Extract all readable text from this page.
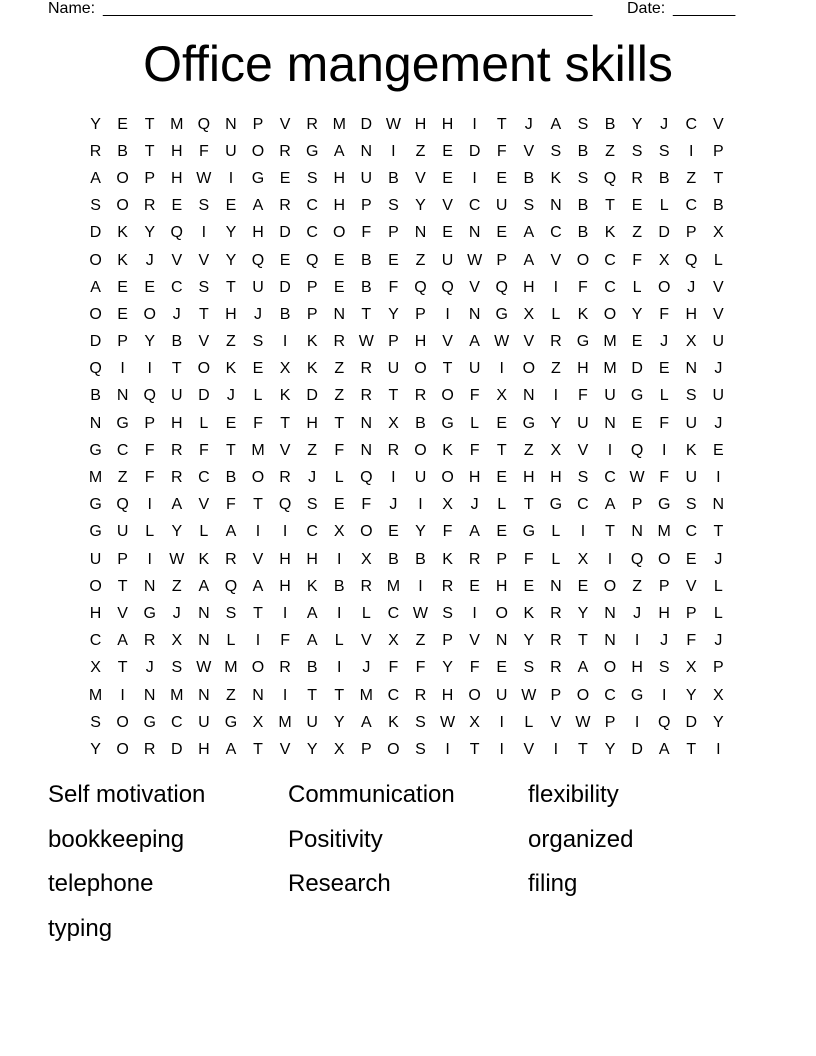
Name: _______________________________________________________ Date: _______
Office mangement skills
Y	E	T M Q N P	V R M D W H H	I	T	J	A	S	B	Y	J	C V
R B	T	H	F	U O R G A N	I	Z	E D	F	V	S	B	Z	S	S	I	P
A O P H W	I	G E	S H U B	V	E	I	E	B	K	S Q R B	Z	T
S O R E	S	E	A R C H P	S	Y	V C U S N B	T	E	L	C B
D K	Y Q	I	Y H D C O F	P N E N E	A C B	K	Z	D P	X
O K	J	V	V	Y Q E Q E	B	E	Z	U W P	A	V O C	F	X Q	L
A	E	E C S	T	U D P	E	B	F Q Q V Q H	I	F	C	L	O	J	V
O E O	J	T	H	J	B	P N	T	Y	P	I	N G X	L	K O Y	F	H V
D P	Y	B	V	Z	S	I	K R W P H V	A W V R G M E	J	X U
Q	I	I	T O K	E	X	K	Z	R U O T	U	I	O Z	H M D E N	J
B N Q U D	J	L	K D	Z	R	T	R O F	X N	I	F	U G	L	S U
N G P H	L	E	F	T	H	T	N X	B G	L	E G Y U N E	F	U	J
G C	F	R	F	T M V	Z	F	N R O K	F	T	Z	X	V	I	Q	I	K	E
M Z	F	R C B O R	J	L	Q	I	U O H E H H S C W F	U	I
G Q	I	A	V	F	T Q S	E	F	J	I	X	J	L	T G C A	P G S N
G U	L	Y	L	A	I	I	C X O E	Y	F	A	E G	L	I	T	N M C	T
U P	I	W K R V H H	I	X	B	B	K R P	F	L	X	I	Q O E	J
O T	N	Z	A Q A H K	B R M	I	R E H E N E O Z	P	V	L
H V G	J	N S	T	I	A	I	L	C W S	I	O K R Y N	J	H P	L
C A R X N	L	I	F	A	L	V	X	Z	P	V N Y R	T	N	I	J	F	J
X	T	J	S W M O R B	I	J	F	F	Y	F	E	S R A O H S	X	P
M	I	N M N	Z	N	I	T	T M C R H O U W P O C G	I	Y	X
S O G C U G X M U Y	A	K	S W X	I	L	V W P	I	Q D Y
Y O R D H A	T	V	Y	X	P O S	I	T	I	V	I	T	Y D A	T	I
Self motivation	Communication	flexibility
bookkeeping	Positivity	organized
telephone	Research	filing
typing
